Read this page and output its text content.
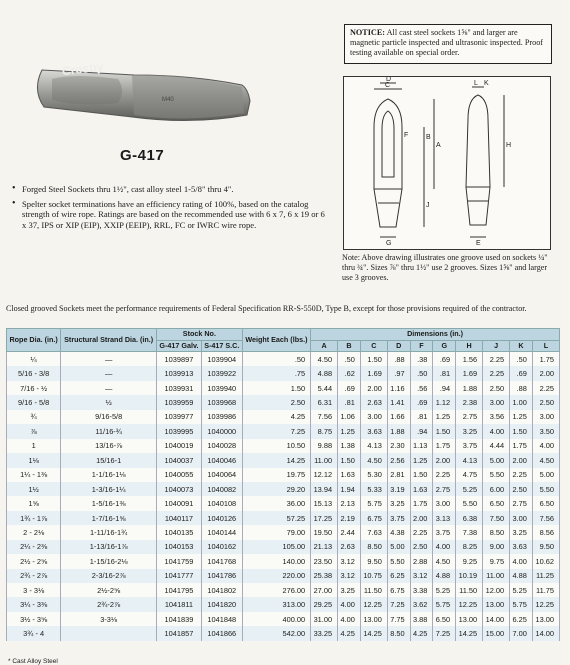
Crosby
M40
G-417
• Forged Steel Sockets thru 1½", cast alloy steel 1-5/8" thru 4".
• Spelter socket terminations have an efficiency rating of 100%, based on the catalog strength of wire rope. Ratings are based on the recommended use with 6 x 7, 6 x 19 or 6 x 37, IPS or XIP (EIP), XXIP (EEIP), RRL, FC or IWRC wire rope.
NOTICE: All cast steel sockets 1⅝" and larger are magnetic particle inspected and ultrasonic inspected. Proof testing available on special order.
C
D
A
B
F
J
H
G	E
L K
Note: Above drawing illustrates one groove used on sockets ¼" thru ¾". Sizes ⅞" thru 1½" use 2 grooves. Sizes 1⅝" and larger use 3 grooves.
Closed grooved Sockets meet the performance requirements of Federal Specification RR-S-550D, Type B, except for those provisions required of the contractor.
Rope Dia. (in.)	Structural Strand Dia. (in.)	Stock No.		Weight Each (lbs.)	Dimensions (in.)									
		G-417 Galv.	S-417 S.C.		A	B	C	D	F	G	H	J	K	L
¼	—	1039897	1039904	.50	4.50	.50	1.50	.88	.38	.69	1.56	2.25	.50	1.75
5/16 - 3/8	—	1039913	1039922	.75	4.88	.62	1.69	.97	.50	.81	1.69	2.25	.69	2.00
7/16 - ½	—	1039931	1039940	1.50	5.44	.69	2.00	1.16	.56	.94	1.88	2.50	.88	2.25
9/16 - 5/8	½	1039959	1039968	2.50	6.31	.81	2.63	1.41	.69	1.12	2.38	3.00	1.00	2.50
¾	9/16-5/8	1039977	1039986	4.25	7.56	1.06	3.00	1.66	.81	1.25	2.75	3.56	1.25	3.00
⅞	11/16-¾	1039995	1040000	7.25	8.75	1.25	3.63	1.88	.94	1.50	3.25	4.00	1.50	3.50
1	13/16-⅞	1040019	1040028	10.50	9.88	1.38	4.13	2.30	1.13	1.75	3.75	4.44	1.75	4.00
1⅛	15/16-1	1040037	1040046	14.25	11.00	1.50	4.50	2.56	1.25	2.00	4.13	5.00	2.00	4.50
1¼ - 1⅜	1-1/16-1⅛	1040055	1040064	19.75	12.12	1.63	5.30	2.81	1.50	2.25	4.75	5.50	2.25	5.00
1½	1-3/16-1¼	1040073	1040082	29.20	13.94	1.94	5.33	3.19	1.63	2.75	5.25	6.00	2.50	5.50
1⅝	1-5/16-1⅜	1040091	1040108	36.00	15.13	2.13	5.75	3.25	1.75	3.00	5.50	6.50	2.75	6.50
1¾ - 1⅞	1-7/16-1⅝	1040117	1040126	57.25	17.25	2.19	6.75	3.75	2.00	3.13	6.38	7.50	3.00	7.56
2 - 2⅛	1-11/16-1¾	1040135	1040144	79.00	19.50	2.44	7.63	4.38	2.25	3.75	7.38	8.50	3.25	8.56
2¼ - 2⅜	1-13/16-1⅞	1040153	1040162	105.00	21.13	2.63	8.50	5.00	2.50	4.00	8.25	9.00	3.63	9.50
2½ - 2⅝	1-15/16-2⅛	1041759	1041768	140.00	23.50	3.12	9.50	5.50	2.88	4.50	9.25	9.75	4.00	10.62
2¾ - 2⅞	2-3/16-2⅞	1041777	1041786	220.00	25.38	3.12	10.75	6.25	3.12	4.88	10.19	11.00	4.88	11.25
3 - 3⅛	2½-2⅝	1041795	1041802	276.00	27.00	3.25	11.50	6.75	3.38	5.25	11.50	12.00	5.25	11.75
3¼ - 3⅜	2¾-2⅞	1041811	1041820	313.00	29.25	4.00	12.25	7.25	3.62	5.75	12.25	13.00	5.75	12.25
3½ - 3⅝	3-3⅛	1041839	1041848	400.00	31.00	4.00	13.00	7.75	3.88	6.50	13.00	14.00	6.25	13.00
3¾ - 4		1041857	1041866	542.00	33.25	4.25	14.25	8.50	4.25	7.25	14.25	15.00	7.00	14.00
* Cast Alloy Steel
